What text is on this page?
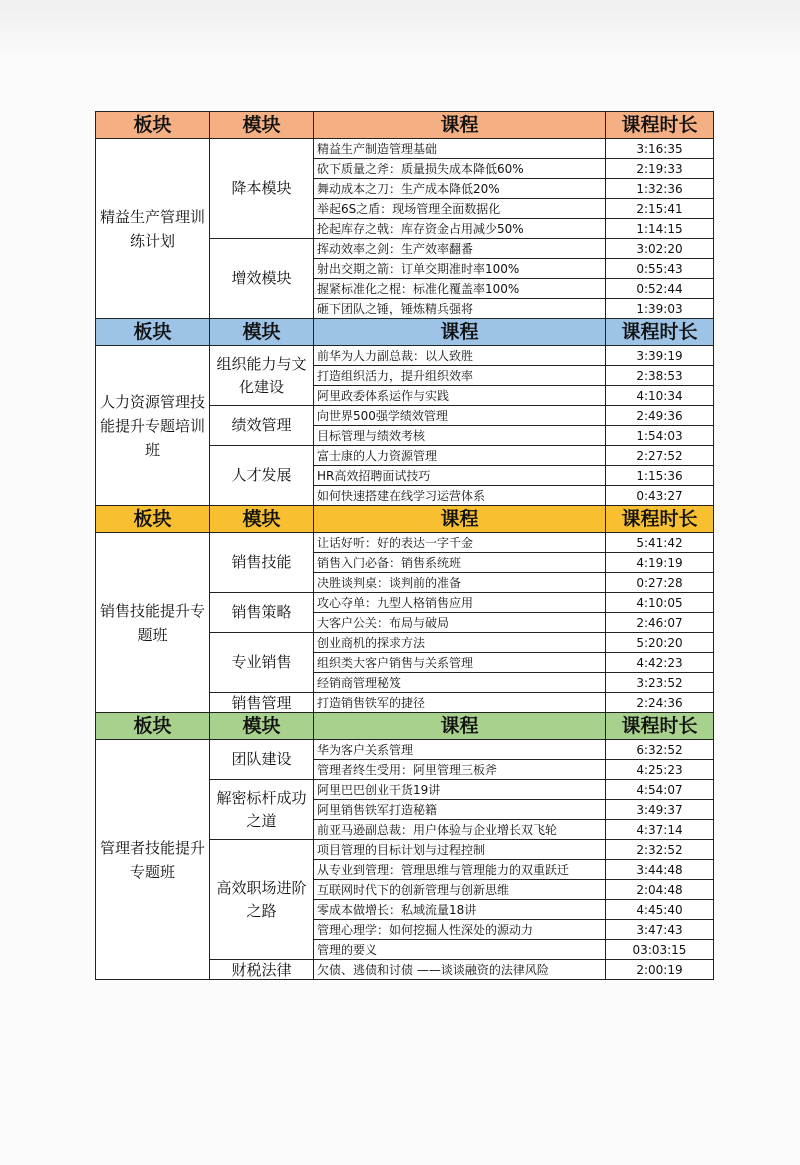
板块	模块	课程	课程时长
精益生产管理训练计划	降本模块	精益生产制造管理基础	3:16:35
		砍下质量之斧：质量损失成本降低60%	2:19:33
		舞动成本之刀：生产成本降低20%	1:32:36
		举起6S之盾：现场管理全面数据化	2:15:41
		抡起库存之戟：库存资金占用减少50%	1:14:15
	增效模块	挥动效率之剑：生产效率翻番	3:02:20
		射出交期之箭：订单交期准时率100%	0:55:43
		握紧标准化之棍：标准化覆盖率100%	0:52:44
		砸下团队之锤，锤炼精兵强将	1:39:03
板块	模块	课程	课程时长
人力资源管理技能提升专题培训班	组织能力与文化建设	前华为人力副总裁：以人致胜	3:39:19
		打造组织活力，提升组织效率	2:38:53
		阿里政委体系运作与实践	4:10:34
	绩效管理	向世界500强学绩效管理	2:49:36
		目标管理与绩效考核	1:54:03
	人才发展	富士康的人力资源管理	2:27:52
		HR高效招聘面试技巧	1:15:36
		如何快速搭建在线学习运营体系	0:43:27
板块	模块	课程	课程时长
销售技能提升专题班	销售技能	让话好听：好的表达一字千金	5:41:42
		销售入门必备：销售系统班	4:19:19
		决胜谈判桌：谈判前的准备	0:27:28
	销售策略	攻心夺单：九型人格销售应用	4:10:05
		大客户公关：布局与破局	2:46:07
	专业销售	创业商机的探求方法	5:20:20
		组织类大客户销售与关系管理	4:42:23
		经销商管理秘笈	3:23:52
	销售管理	打造销售铁军的捷径	2:24:36
板块	模块	课程	课程时长
管理者技能提升专题班	团队建设	华为客户关系管理	6:32:52
		管理者终生受用：阿里管理三板斧	4:25:23
	解密标杆成功之道	阿里巴巴创业干货19讲	4:54:07
		阿里销售铁军打造秘籍	3:49:37
		前亚马逊副总裁：用户体验与企业增长双飞轮	4:37:14
	高效职场进阶之路	项目管理的目标计划与过程控制	2:32:52
		从专业到管理：管理思维与管理能力的双重跃迁	3:44:48
		互联网时代下的创新管理与创新思维	2:04:48
		零成本做增长：私域流量18讲	4:45:40
		管理心理学：如何挖掘人性深处的源动力	3:47:43
		管理的要义	03:03:15
	财税法律	欠债、逃债和讨债 ——谈谈融资的法律风险	2:00:19
